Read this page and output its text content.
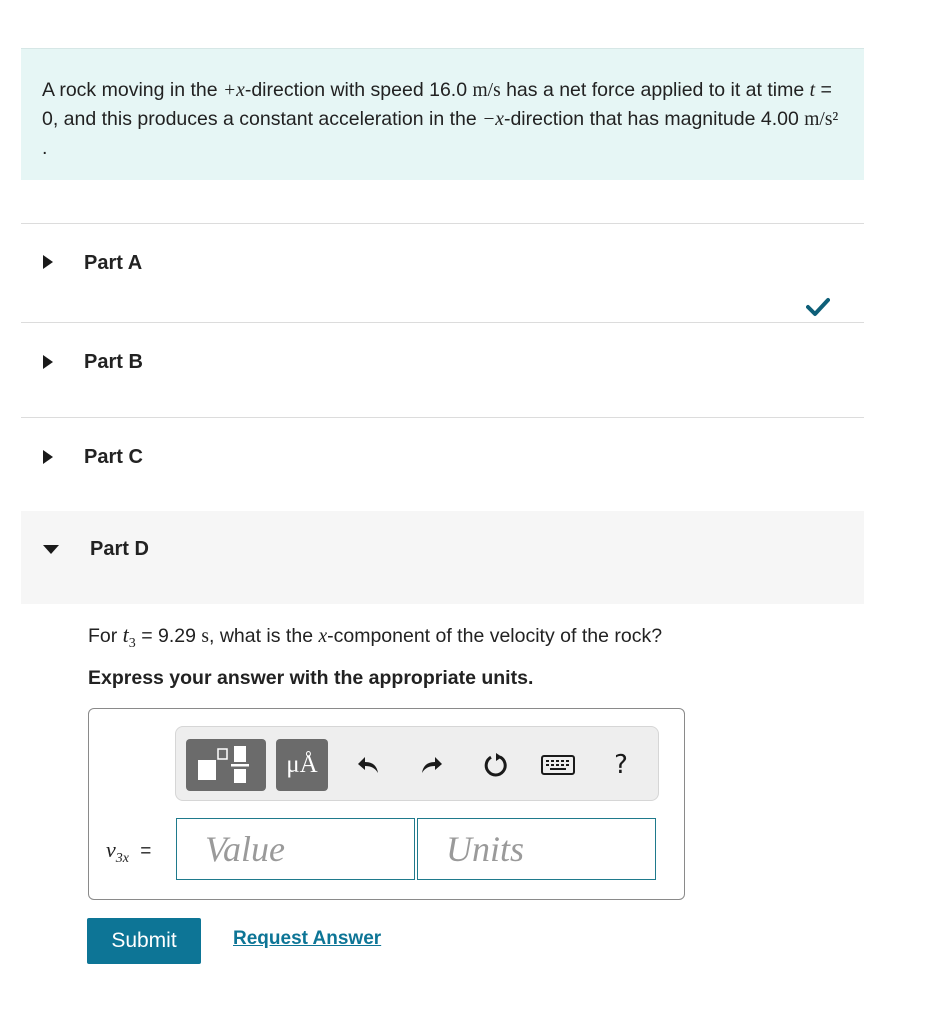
A rock moving in the +x-direction with speed 16.0 m/s has a net force applied to it at time t = 0, and this produces a constant acceleration in the −x-direction that has magnitude 4.00 m/s² .

Part A
Part B
Part C
Part D
For $t_3 = 9.29$ s, what is the x-component of the velocity of the rock?
Express your answer with the appropriate units.
μÅ	?
$v_{3x}$ =	Value	Units
Submit	Request Answer
